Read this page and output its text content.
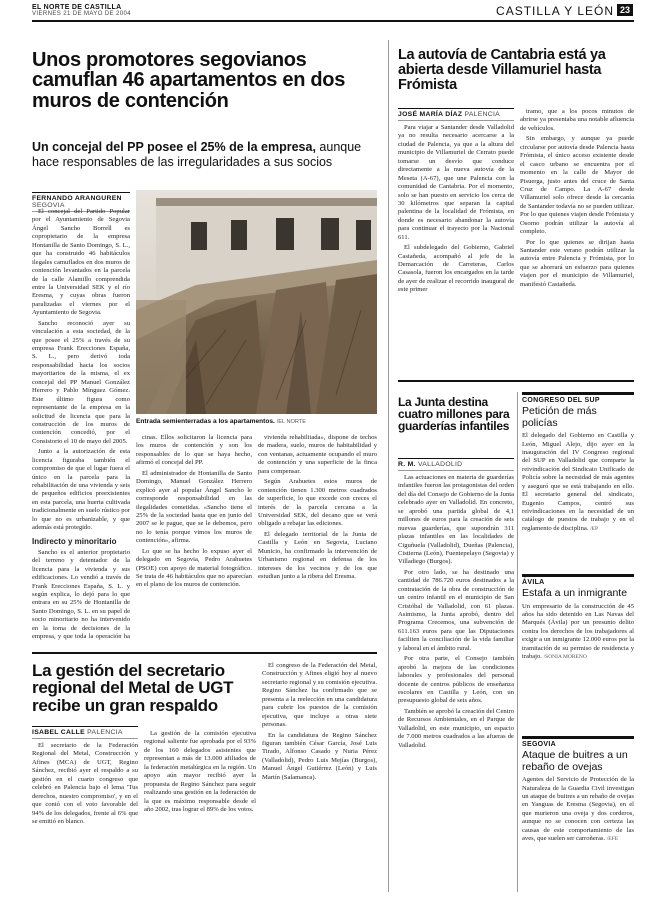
EL NORTE DE CASTILLA
VIERNES 21 DE MAYO DE 2004	CASTILLA Y LEÓN 23
Unos promotores segovianos camuflan 46 apartamentos en dos muros de contención
Un concejal del PP posee el 25% de la empresa, aunque hace responsables de las irregularidades a sus socios
FERNANDO ARANGUREN SEGOVIA

El concejal del Partido Popular por el Ayuntamiento de Segovia Ángel Sancho Borrell es copropietario de la empresa Hontanilla de Santo Domingo, S. L., que ha construido 46 habitáculos ilegales camuflados en dos muros de contención levantados en la parcela de la calle Alamillo comprendida entre la Universidad SEK y el río Eresma, y cuyas obras fueron paralizadas el viernes por el Ayuntamiento de Segovia.

Sancho reconoció ayer su vinculación a esta sociedad, de la que posee el 25% a través de su empresa Frank Erecciones España, S. L., pero derivó toda responsabilidad hacia los socios mayoritarios de la misma, el ex concejal del PP Manuel González Herrero y Pablo Mínguez Gómez. Este último figura como representante de la empresa en la solicitud de licencia que para la construcción de los muros de contención concedió, por el Consistorio el 10 de mayo del 2005.

Junto a la autorización de esta licencia figuraba también el compromiso de que el lugar fuera el único en la parcela para la rehabilitación de una vivienda y seis de pequeños edificios preexistentes en esta parcela, una huerta cultivada tradicionalmente en suelo rústico por lo que no es urbanizable, y que además está protegido.

Indirecto y minoritario

Sancho es el anterior propietario del terreno y detentador de la licencia para la vivienda y sus edificaciones. Lo vendió a través de Frank Erecciones España, S. L. y según explica, lo dejó para lo que entrara en su 25% de Hontanilla de Santo Domingo, S. L. en su papel de socio minoritario no ha intervenido en la toma de decisiones de la empresa, y que toda la operación ha

Entrada semienterradas a los apartamentos. /EL NORTE

cinas. Ellos solicitaron la licencia para los muros de contención y son los responsables de lo que se haya hecho, afirmó el concejal del PP.

El administrador de Hontanilla de Santo Domingo, Manuel González Herrero explicó ayer al popular Ángel Sancho le corresponde responsabilidad en las ilegalidades cometidas. «Sancho tiene el 25% de la sociedad hasta que en junio del 2007 se le pague, que se le debemos, pero no lo tenía porque vimos los muros de contención», afirma.

Lo que se ha hecho lo expuso ayer el delegado en Segovia, Pedro Arahuetes (PSOE) con apoyo de material fotográfico. Se trata de 46 habitáculos que no aparecían en el plano de los muros de contención.

vivienda rehabilitada», dispone de techos de madera, suelo, muros de habitabilidad y con ventanas, actuamente ocupando el muro de contención y una superficie de la finca para compensar.

Según Arahuetes estos muros de contención tienen 1.300 metros cuadrados de superficie, lo que excede con creces el interés de la parcela cercana a la Universidad SEK, del decano que se verá obligado a rebajar las ediciones.

El delegado territorial de la Junta de Castilla y León en Segovia, Luciano Municio, ha confirmado la intervención de Urbanismo regional en defensa de los intereses de los vecinos y de los que estudian junto a la ribera del Eresma.

La gestión del secretario regional del Metal de UGT recibe un gran respaldo
ISABEL CALLE PALENCIA

El secretario de la Federación Regional del Metal, Construcción y Afines (MCA) de UGT, Regino Sánchez, recibió ayer el respaldo a su gestión en el cuarto congreso que celebró en Palencia bajo el lema 'Tus derechos, nuestro compromiso', y en el que contó con el voto favorable del 94% de los delegados, frente al 6% que se emitió en blanco.

La gestión de la comisión ejecutiva regional saliente fue aprobada por el 93% de los 160 delegados asistentes que representan a más de 13.000 afiliados de la federación metalúrgica en la región. Un apoyo aún mayor recibió ayer la propuesta de Regino Sánchez para seguir realizando una gestión en la federación de la que es máximo responsable desde el año 2002, tras lograr el 89% de los votos.

El congreso de la Federación del Metal, Construcción y Afines eligió hoy al nuevo secretario regional y su comisión ejecutiva. Regino Sánchez ha confirmado que se presenta a la reelección en una candidatura para cubrir los puestos de la comisión ejecutiva, que incluye a otras siete personas.

En la candidatura de Regino Sánchez figuran también César García, José Luis Tirado, Alfonso Casado y Nuria Pérez (Valladolid), Pedro Luis Mejías (Burgos), Manuel Ángel Gutiérrez (León) y Luis Martín (Salamanca).

La autovía de Cantabria está ya abierta desde Villamuriel hasta Frómista
JOSÉ MARÍA DÍAZ PALENCIA

Para viajar a Santander desde Valladolid ya no resulta necesario acercarse a la ciudad de Palencia, ya que a la altura del municipio de Villamuriel de Cerrato puede tomarse un desvío que conduce directamente a la nueva autovía de la Meseta (A-67), que une Palencia con la comunidad de Cantabria. Por el momento, solo se han puesto en servicio los cerca de 30 kilómetros que separan la capital palentina de la localidad de Frómista, en donde es necesario abandonar la autovía para continuar el trayecto por la Nacional 611.

El subdelegado del Gobierno, Gabriel Castañeda, acompañó al jefe de la Demarcación de Carreteras, Carlos Casasola, fueron los encargados en la tarde de ayer de realizar el recorrido inaugural de este primer

tramo, que a los pocos minutos de abrirse ya presentaba una notable afluencia de vehículos.

Sin embargo, y aunque ya puede circularse por autovía desde Palencia hasta Frómista, el único acceso existente desde el casco urbano se encuentra por el momento en la calle de Mayor de Pisuerga, justo antes del cruce de Santa Cruz de Campo. La A-67 desde Villamuriel solo ofrece desde la cercanía de Santander todavía no se pueden utilizar. Por lo que quienes viajen desde Frómista y Osorno podrán utilizar la autovía al completo.

Por lo que quienes se dirijan hasta Santander este verano podrán utilizar la autovía entre Palencia y Frómista, por lo que se ahorrará un esfuerzo para quienes viajen por el municipio de Villamuriel, manifestó Castañeda.

La Junta destina cuatro millones para guarderías infantiles
R. M. VALLADOLID

Las actuaciones en materia de guarderías infantiles fueron las protagonistas del orden del día del Consejo de Gobierno de la Junta celebrado ayer en Valladolid. En concreto, se aprobó una partida global de 4,1 millones de euros para la creación de seis nuevas guarderías, que supondrán 311 plazas infantiles en las localidades de Ciguñuela (Valladolid), Dueñas (Palencia), Cistierna (León), Fuentepelayo (Segovia) y Villadiego (Burgos).

Por otro lado, se ha destinado una cantidad de 786.720 euros destinados a la contratación de la obra de construcción de un centro infantil en el municipio de San Cristóbal de Valladolid, con 61 plazas. Asimismo, la Junta aprobó, dentro del Programa Crecemos, una subvención de 611.163 euros para que las Diputaciones faciliten la conciliación de la vida familiar y laboral en el ámbito rural.

Por otra parte, el Consejo también aprobó la mejora de las condiciones laborales y profesionales del personal docente de centros públicos de enseñanza escolares en Castilla y León, con un presupuesto global de seis años.

También se aprobó la creación del Centro de Recursos Ambientales, en el Parque de Valladolid, en este municipio, un espacio de 7.000 metros cuadrados a las afueras de Valladolid.

CONGRESO DEL SUP
Petición de más policías
El delegado del Gobierno en Castilla y León, Miguel Alejo, dijo ayer en la inauguración del IV Congreso regional del SUP en Valladolid que comparte la reivindicación del Sindicato Unificado de Policía sobre la necesidad de más agentes y aseguró que se está trabajando en ello. El secretario general del sindicato, Eugenio Campos, centró sus reivindicaciones en la necesidad de un catálogo de puestos de trabajo y en el reglamento de disciplina. /EP
ÁVILA
Estafa a un inmigrante
Un empresario de la construcción de 45 años ha sido detenido en Las Navas del Marqués (Ávila) por un presunto delito contra los derechos de los trabajadores al exigir a un inmigrante 12.000 euros por la tramitación de su permiso de residencia y trabajo. /SONIA MORENO
SEGOVIA
Ataque de buitres a un rebaño de ovejas
Agentes del Servicio de Protección de la Naturaleza de la Guardia Civil investigan un ataque de buitres a un rebaño de ovejas en Yanguas de Eresma (Segovia), en el que murieron una oveja y dos corderos, aunque no se conocen con certeza las causas de este comportamiento de las aves, que suelen ser carroñeras. /EFE
